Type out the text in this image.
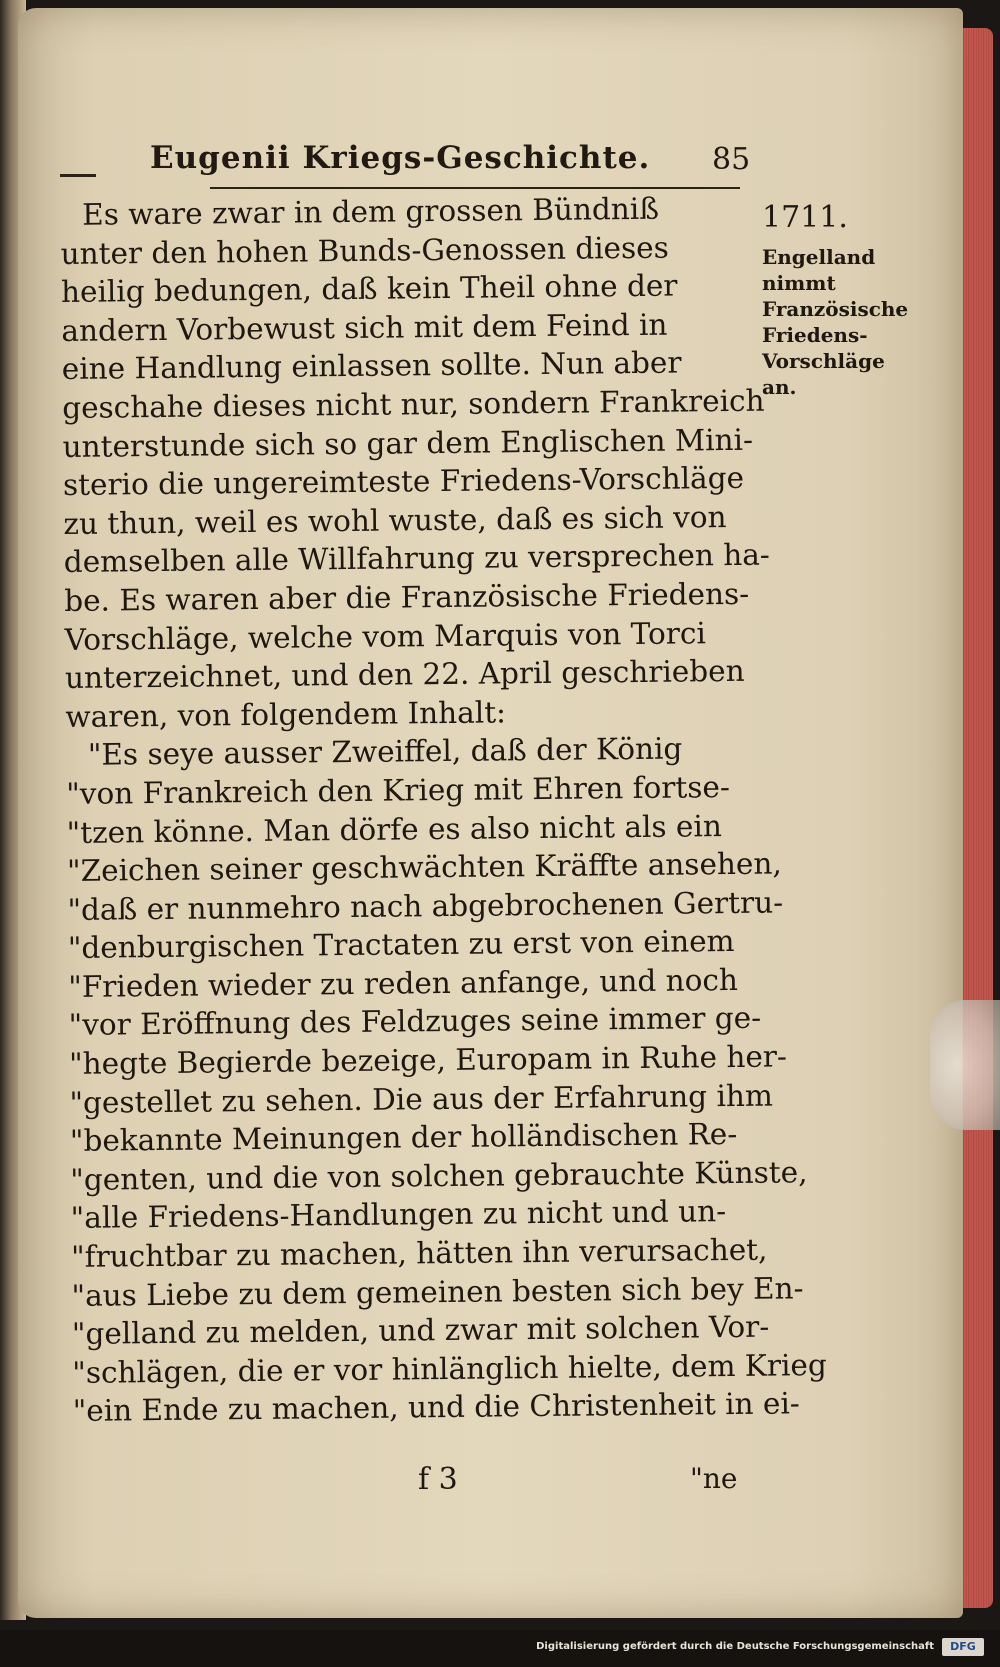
Eugenii Kriegs-Geschichte. 85
Es ware zwar in dem grossen Bündniß
unter den hohen Bunds-Genossen dieses
heilig bedungen, daß kein Theil ohne der
andern Vorbewust sich mit dem Feind in
eine Handlung einlassen sollte. Nun aber
geschahe dieses nicht nur, sondern Frankreich
unterstunde sich so gar dem Englischen Mini-
sterio die ungereimteste Friedens-Vorschläge
zu thun, weil es wohl wuste, daß es sich von
demselben alle Willfahrung zu versprechen ha-
be. Es waren aber die Französische Friedens-
Vorschläge, welche vom Marquis von Torci
unterzeichnet, und den 22. April geschrieben
waren, von folgendem Inhalt:
"Es seye ausser Zweiffel, daß der König
"von Frankreich den Krieg mit Ehren fortse-
"tzen könne. Man dörfe es also nicht als ein
"Zeichen seiner geschwächten Kräffte ansehen,
"daß er nunmehro nach abgebrochenen Gertru-
"denburgischen Tractaten zu erst von einem
"Frieden wieder zu reden anfange, und noch
"vor Eröffnung des Feldzuges seine immer ge-
"hegte Begierde bezeige, Europam in Ruhe her-
"gestellet zu sehen. Die aus der Erfahrung ihm
"bekannte Meinungen der holländischen Re-
"genten, und die von solchen gebrauchte Künste,
"alle Friedens-Handlungen zu nicht und un-
"fruchtbar zu machen, hätten ihn verursachet,
"aus Liebe zu dem gemeinen besten sich bey En-
"gelland zu melden, und zwar mit solchen Vor-
"schlägen, die er vor hinlänglich hielte, dem Krieg
"ein Ende zu machen, und die Christenheit in ei-
1711.
Engelland
nimmt
Französische
Friedens-
Vorschläge
an.
f 3	"ne
Digitalisierung gefördert durch die Deutsche Forschungsgemeinschaft	DFG
